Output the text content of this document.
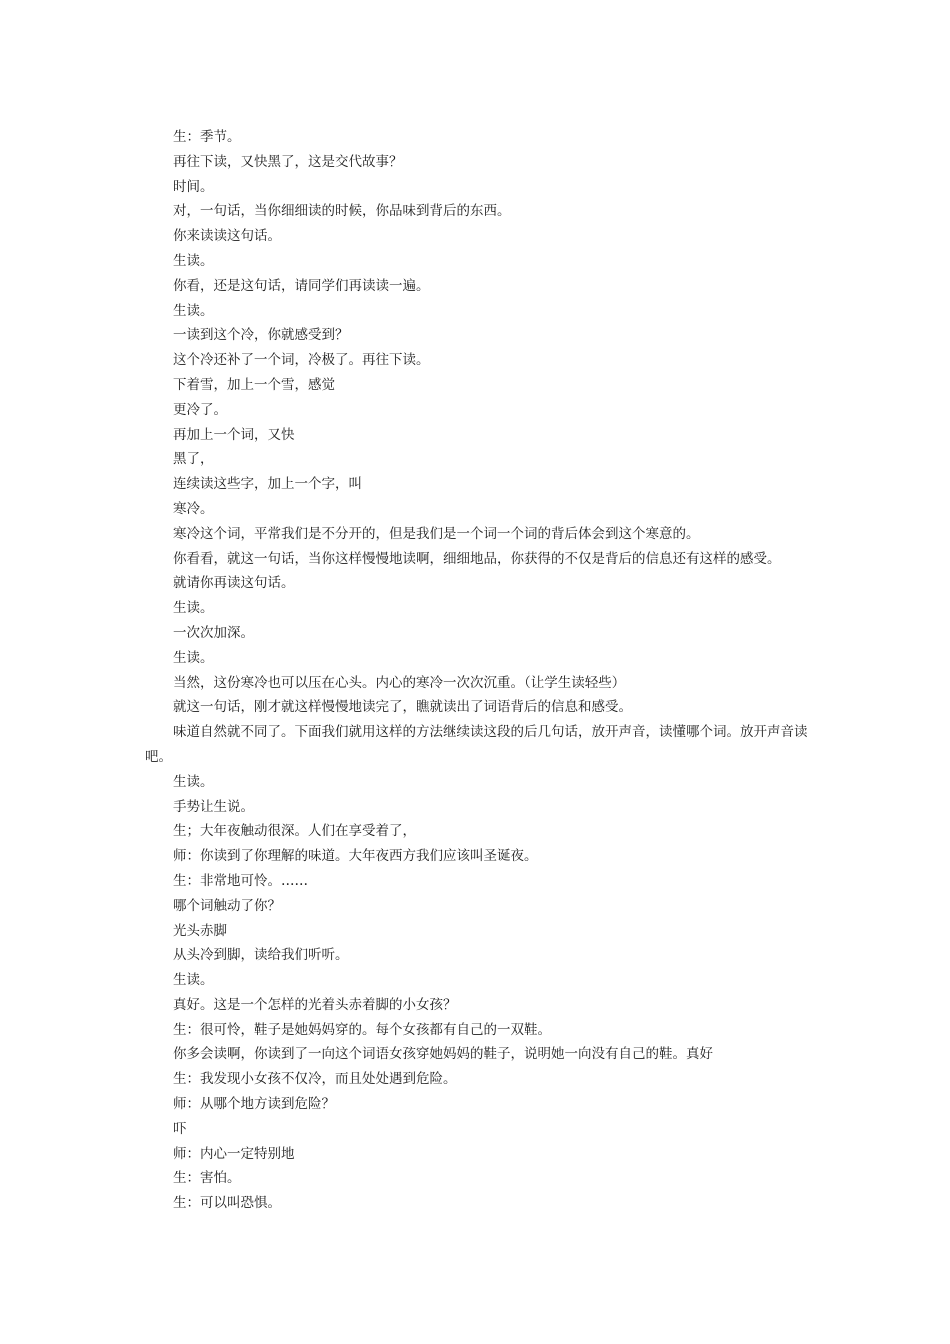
生：季节。

再往下读，又快黑了，这是交代故事？

时间。

对，一句话，当你细细读的时候，你品味到背后的东西。

你来读读这句话。

生读。

你看，还是这句话，请同学们再读读一遍。

生读。

一读到这个冷，你就感受到？

这个冷还补了一个词，冷极了。再往下读。

下着雪，加上一个雪，感觉

更冷了。

再加上一个词，又快

黑了，

连续读这些字，加上一个字，叫

寒冷。

寒冷这个词，平常我们是不分开的，但是我们是一个词一个词的背后体会到这个寒意的。

你看看，就这一句话，当你这样慢慢地读啊，细细地品，你获得的不仅是背后的信息还有这样的感受。

就请你再读这句话。

生读。

一次次加深。

生读。

当然，这份寒冷也可以压在心头。内心的寒冷一次次沉重。（让学生读轻些）

就这一句话，刚才就这样慢慢地读完了，瞧就读出了词语背后的信息和感受。

味道自然就不同了。下面我们就用这样的方法继续读这段的后几句话，放开声音，读懂哪个词。放开声音读吧。

生读。

手势让生说。

生；大年夜触动很深。人们在享受着了，

师：你读到了你理解的味道。大年夜西方我们应该叫圣诞夜。

生：非常地可怜。……

哪个词触动了你？

光头赤脚

从头冷到脚，读给我们听听。

生读。

真好。这是一个怎样的光着头赤着脚的小女孩？

生：很可怜，鞋子是她妈妈穿的。每个女孩都有自己的一双鞋。

你多会读啊，你读到了一向这个词语女孩穿她妈妈的鞋子，说明她一向没有自己的鞋。真好

生：我发现小女孩不仅冷，而且处处遇到危险。

师：从哪个地方读到危险？

吓

师：内心一定特别地

生：害怕。

生：可以叫恐惧。
